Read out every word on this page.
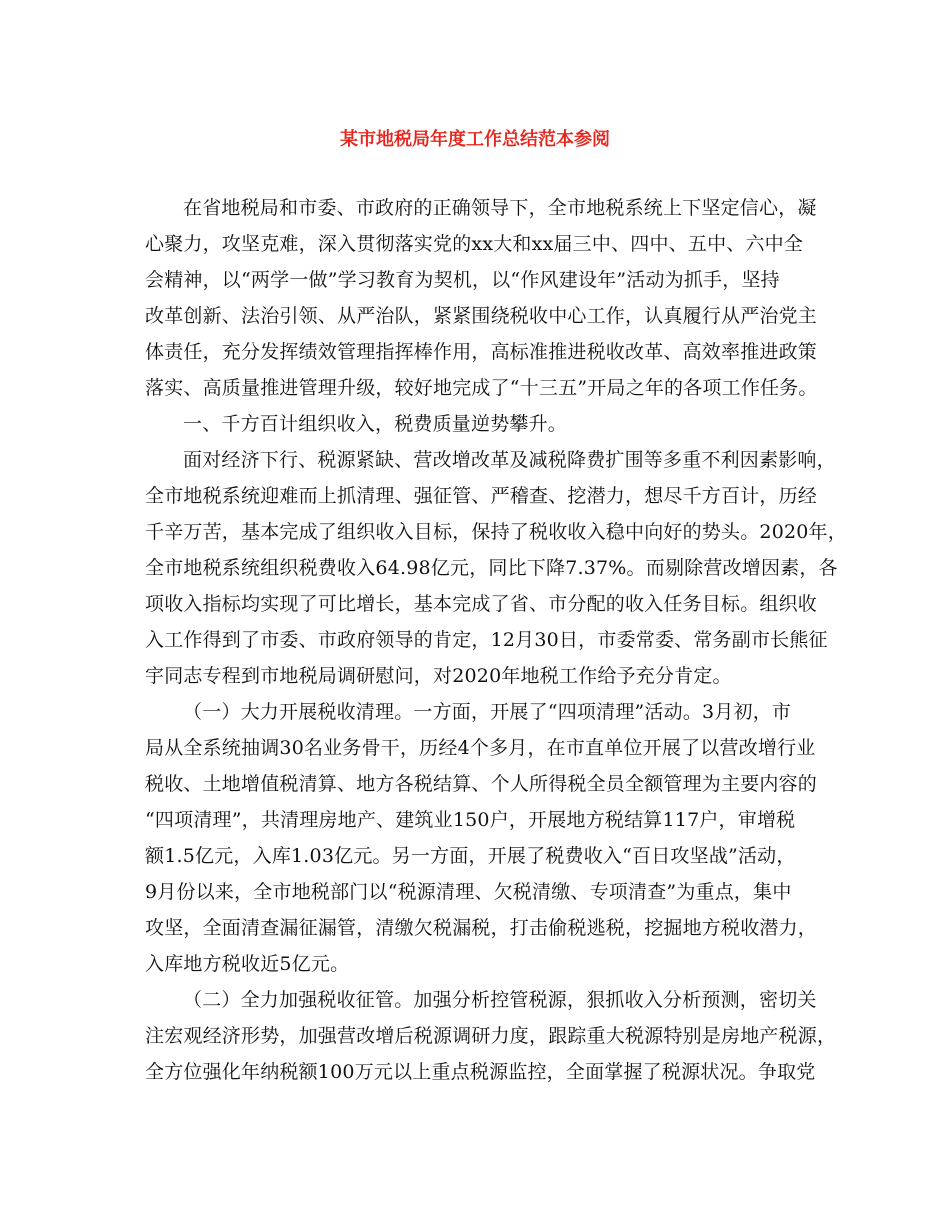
某市地税局年度工作总结范本参阅
在省地税局和市委、市政府的正确领导下，全市地税系统上下坚定信心，凝
心聚力，攻坚克难，深入贯彻落实党的xx大和xx届三中、四中、五中、六中全
会精神，以“两学一做”学习教育为契机，以“作风建设年”活动为抓手，坚持
改革创新、法治引领、从严治队，紧紧围绕税收中心工作，认真履行从严治党主
体责任，充分发挥绩效管理指挥棒作用，高标准推进税收改革、高效率推进政策
落实、高质量推进管理升级，较好地完成了“十三五”开局之年的各项工作任务。
一、千方百计组织收入，税费质量逆势攀升。
面对经济下行、税源紧缺、营改增改革及减税降费扩围等多重不利因素影响，
全市地税系统迎难而上抓清理、强征管、严稽查、挖潜力，想尽千方百计，历经
千辛万苦，基本完成了组织收入目标，保持了税收收入稳中向好的势头。2020年，
全市地税系统组织税费收入64.98亿元，同比下降7.37%。而剔除营改增因素，各
项收入指标均实现了可比增长，基本完成了省、市分配的收入任务目标。组织收
入工作得到了市委、市政府领导的肯定，12月30日，市委常委、常务副市长熊征
宇同志专程到市地税局调研慰问，对2020年地税工作给予充分肯定。
（一）大力开展税收清理。一方面，开展了“四项清理”活动。3月初，市
局从全系统抽调30名业务骨干，历经4个多月，在市直单位开展了以营改增行业
税收、土地增值税清算、地方各税结算、个人所得税全员全额管理为主要内容的
“四项清理”，共清理房地产、建筑业150户，开展地方税结算117户，审增税
额1.5亿元，入库1.03亿元。另一方面，开展了税费收入“百日攻坚战”活动，
9月份以来，全市地税部门以“税源清理、欠税清缴、专项清查”为重点，集中
攻坚，全面清查漏征漏管，清缴欠税漏税，打击偷税逃税，挖掘地方税收潜力，
入库地方税收近5亿元。
（二）全力加强税收征管。加强分析控管税源，狠抓收入分析预测，密切关
注宏观经济形势，加强营改增后税源调研力度，跟踪重大税源特别是房地产税源，
全方位强化年纳税额100万元以上重点税源监控，全面掌握了税源状况。争取党
